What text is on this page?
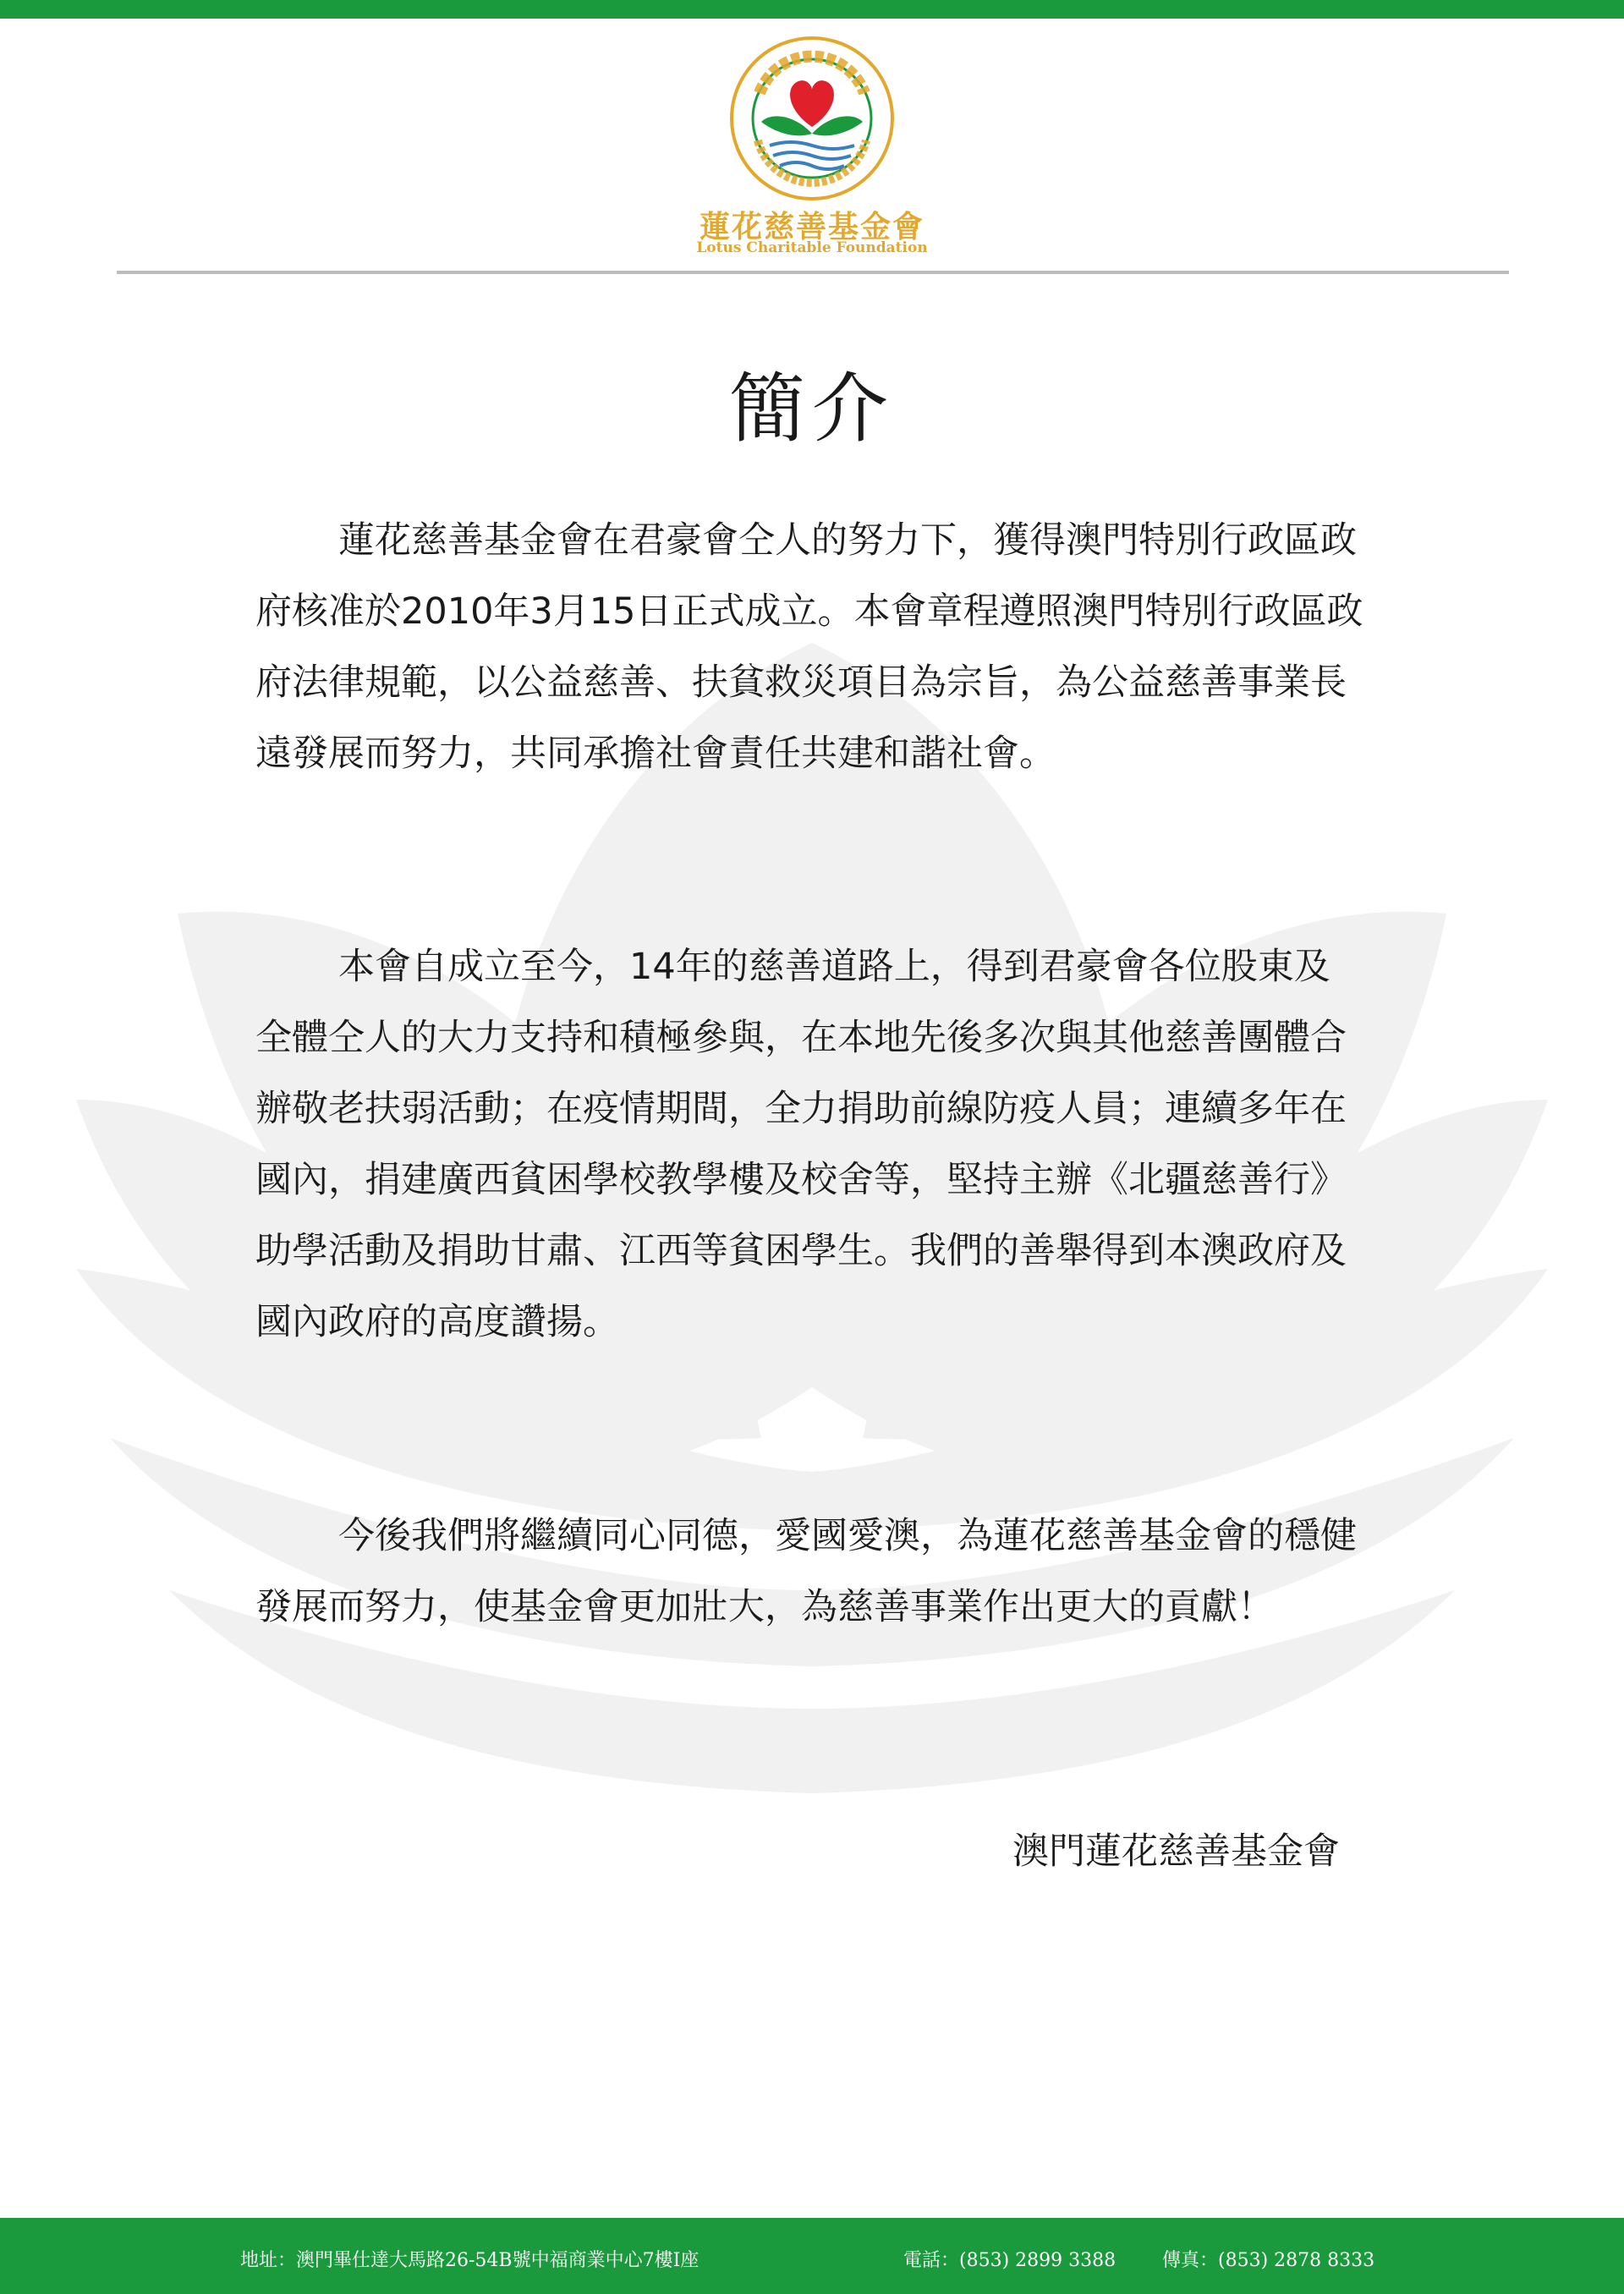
蓮花慈善基金會
Lotus Charitable Foundation
簡介

蓮花慈善基金會在君豪會仝人的努力下，獲得澳門特別行政區政府核准於2010年3月15日正式成立。本會章程遵照澳門特別行政區政府法律規範，以公益慈善、扶貧救災項目為宗旨，為公益慈善事業長遠發展而努力，共同承擔社會責任共建和諧社會。

本會自成立至今，14年的慈善道路上，得到君豪會各位股東及全體仝人的大力支持和積極參與，在本地先後多次與其他慈善團體合辦敬老扶弱活動；在疫情期間，全力捐助前線防疫人員；連續多年在國內，捐建廣西貧困學校教學樓及校舍等，堅持主辦《北疆慈善行》助學活動及捐助甘肅、江西等貧困學生。我們的善舉得到本澳政府及國內政府的高度讚揚。

今後我們將繼續同心同德，愛國愛澳，為蓮花慈善基金會的穩健發展而努力，使基金會更加壯大，為慈善事業作出更大的貢獻！

澳門蓮花慈善基金會
地址：澳門畢仕達大馬路26-54B號中福商業中心7樓I座	電話：(853) 2899 3388 傳真：(853) 2878 8333
